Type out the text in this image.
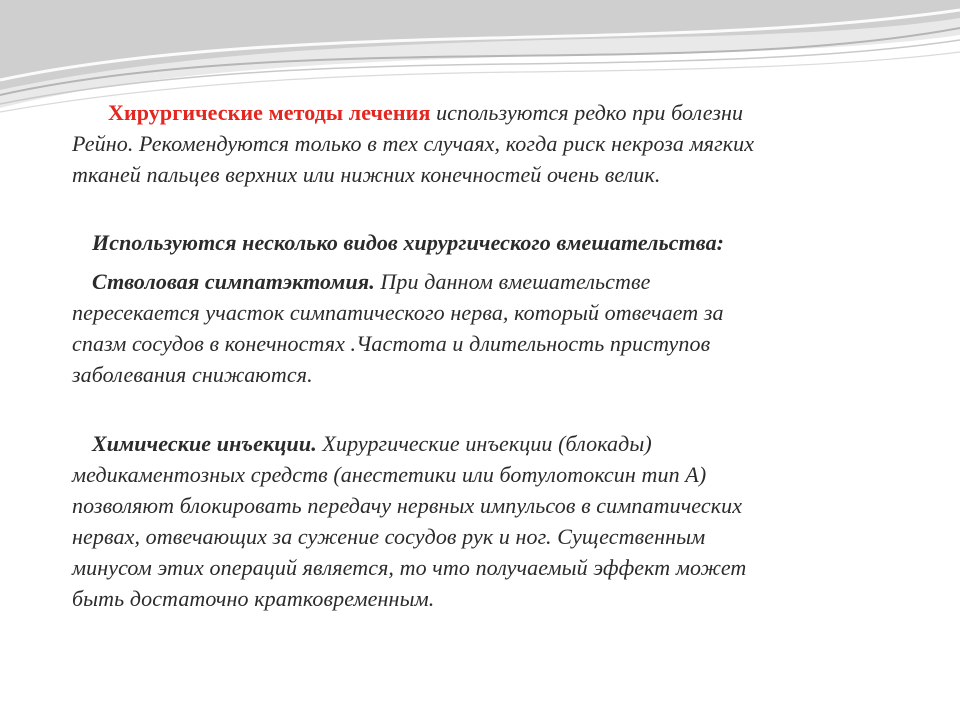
Хирургические методы лечения используются редко при болезни
Рейно. Рекомендуются только в тех случаях, когда риск некроза мягких
тканей пальцев верхних или нижних конечностей очень велик.
Используются несколько видов хирургического вмешательства:
Стволовая симпатэктомия. При данном вмешательстве
пересекается участок симпатического нерва, который отвечает за
спазм сосудов в конечностях .Частота и длительность приступов
заболевания снижаются.
Химические инъекции. Хирургические инъекции (блокады)
медикаментозных средств (анестетики или ботулотоксин тип А)
позволяют блокировать передачу нервных импульсов в симпатических
нервах, отвечающих за сужение сосудов рук и ног. Существенным
минусом этих операций является, то что получаемый эффект может
быть достаточно кратковременным.
